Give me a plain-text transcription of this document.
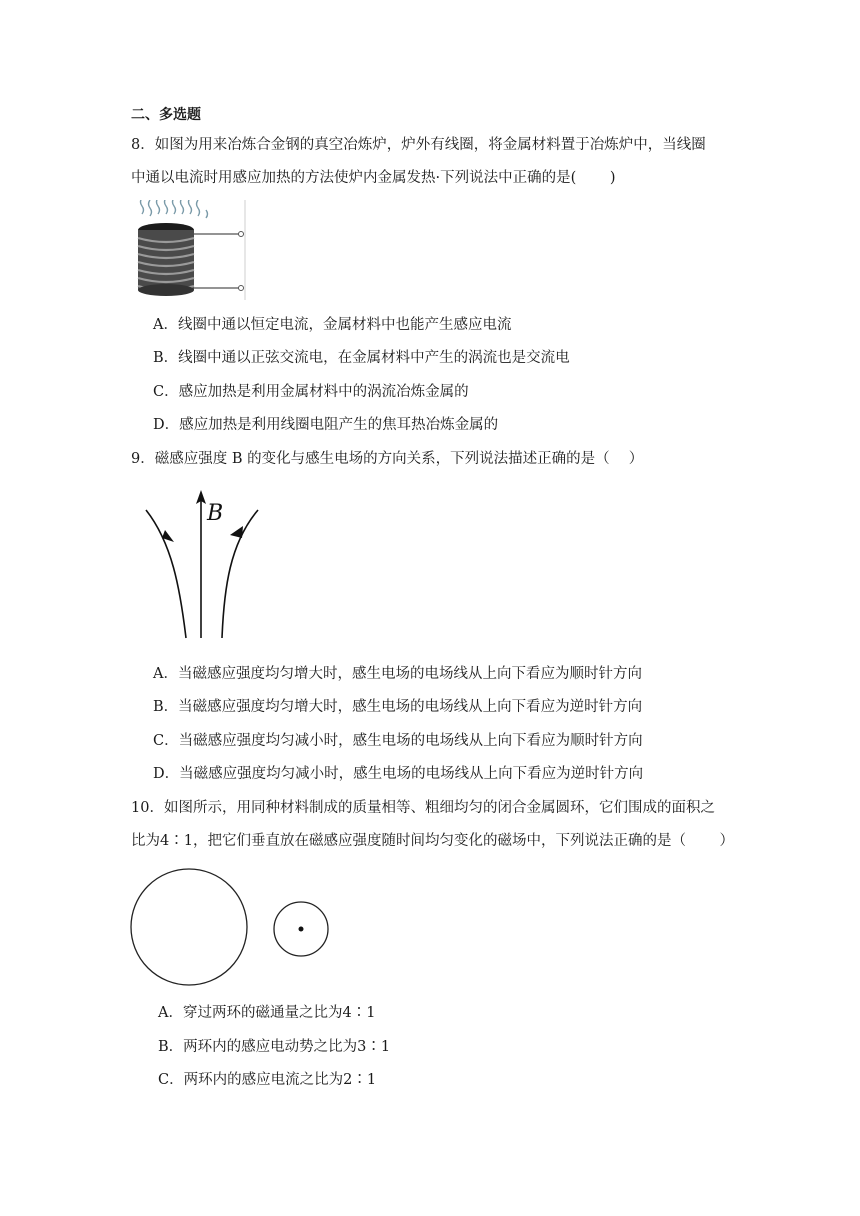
二、多选题
8．如图为用来冶炼合金钢的真空冶炼炉，炉外有线圈，将金属材料置于冶炼炉中，当线圈
中通以电流时用感应加热的方法使炉内金属发热·下列说法中正确的是(　　 )
A．线圈中通以恒定电流，金属材料中也能产生感应电流
B．线圈中通以正弦交流电，在金属材料中产生的涡流也是交流电
C．感应加热是利用金属材料中的涡流冶炼金属的
D．感应加热是利用线圈电阻产生的焦耳热冶炼金属的
9．磁感应强度 B 的变化与感生电场的方向关系，下列说法描述正确的是（　 ）
B
A．当磁感应强度均匀增大时，感生电场的电场线从上向下看应为顺时针方向
B．当磁感应强度均匀增大时，感生电场的电场线从上向下看应为逆时针方向
C．当磁感应强度均匀减小时，感生电场的电场线从上向下看应为顺时针方向
D．当磁感应强度均匀减小时，感生电场的电场线从上向下看应为逆时针方向
10．如图所示，用同种材料制成的质量相等、粗细均匀的闭合金属圆环，它们围成的面积之
比为4∶1，把它们垂直放在磁感应强度随时间均匀变化的磁场中，下列说法正确的是（　　 ）
A．穿过两环的磁通量之比为4∶1
B．两环内的感应电动势之比为3∶1
C．两环内的感应电流之比为2∶1
